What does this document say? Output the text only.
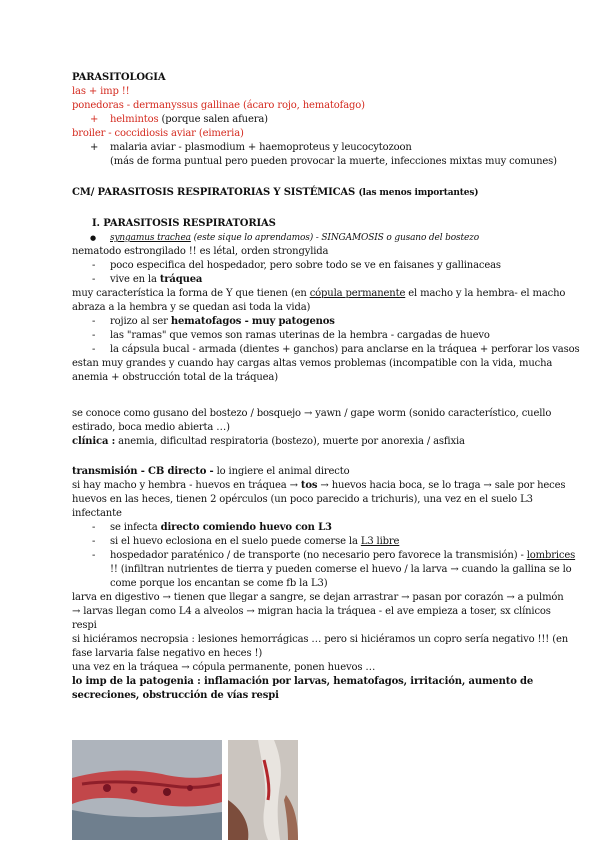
PARASITOLOGIA
las + imp !!
ponedoras - dermanyssus gallinae (ácaro rojo, hematofago)
+ helmintos (porque salen afuera)
broiler - coccidiosis aviar (eimeria)
+ malaria aviar - plasmodium + haemoproteus y leucocytozoon
(más de forma puntual pero pueden provocar la muerte, infecciones mixtas muy comunes)
CM/ PARASITOSIS RESPIRATORIAS Y SISTÉMICAS (las menos importantes)
I. PARASITOSIS RESPIRATORIAS
● syngamus trachea (este sique lo aprendamos) - SINGAMOSIS o gusano del bostezo
nematodo estrongilado !! es létal, orden strongylida
- poco especifica del hospedador, pero sobre todo se ve en faisanes y gallinaceas
- vive en la tráquea
muy característica la forma de Y que tienen (en cópula permanente el macho y la hembra- el macho
abraza a la hembra y se quedan asi toda la vida)
- rojizo al ser hematofagos - muy patogenos
- las "ramas" que vemos son ramas uterinas de la hembra - cargadas de huevo
- la cápsula bucal - armada (dientes + ganchos) para anclarse en la tráquea + perforar los vasos
estan muy grandes y cuando hay cargas altas vemos problemas (incompatible con la vida, mucha
anemia + obstrucción total de la tráquea)
se conoce como gusano del bostezo / bosquejo → yawn / gape worm (sonido característico, cuello
estirado, boca medio abierta …)
clínica : anemia, dificultad respiratoria (bostezo), muerte por anorexia / asfixia
transmisión - CB directo - lo ingiere el animal directo
si hay macho y hembra - huevos en tráquea → tos → huevos hacia boca, se lo traga → sale por heces
huevos en las heces, tienen 2 opérculos (un poco parecido a trichuris), una vez en el suelo L3
infectante
- se infecta directo comiendo huevo con L3
- si el huevo eclosiona en el suelo puede comerse la L3 libre
- hospedador paraténico / de transporte (no necesario pero favorece la transmisión) - lombrices
!! (infiltran nutrientes de tierra y pueden comerse el huevo / la larva → cuando la gallina se lo
come porque los encantan se come fb la L3)
larva en digestivo → tienen que llegar a sangre, se dejan arrastrar → pasan por corazón → a pulmón
→ larvas llegan como L4 a alveolos → migran hacia la tráquea - el ave empieza a toser, sx clínicos
respi
si hiciéramos necropsia : lesiones hemorrágicas … pero si hiciéramos un copro sería negativo !!! (en
fase larvaria false negativo en heces !)
una vez en la tráquea → cópula permanente, ponen huevos …
lo imp de la patogenia : inflamación por larvas, hematofagos, irritación, aumento de
secreciones, obstrucción de vías respi
